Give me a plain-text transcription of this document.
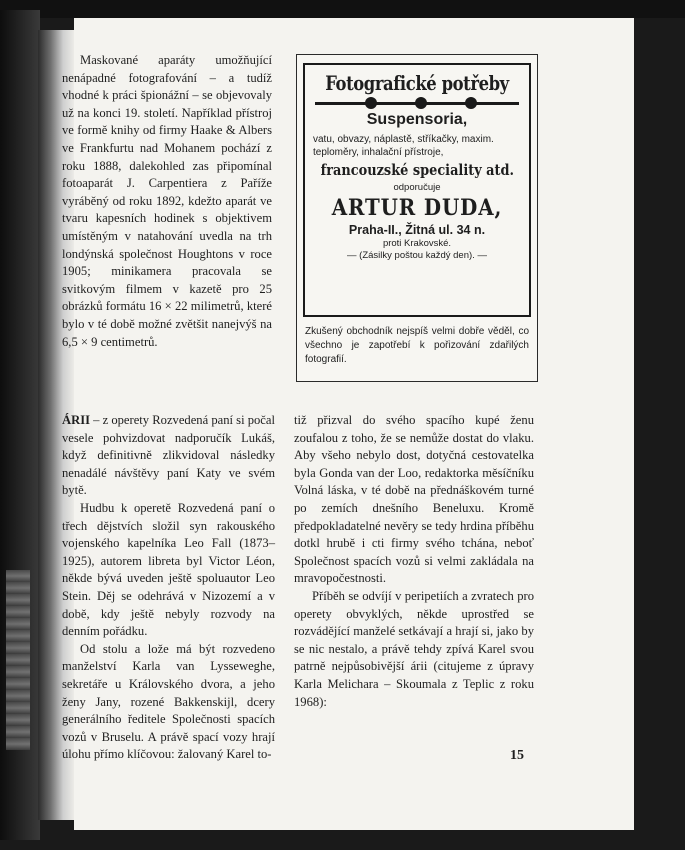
Maskované aparáty umožňující nenápadné fotografování – a tudíž vhodné k práci špionážní – se objevovaly už na konci 19. století. Například přístroj ve formě knihy od firmy Haake & Albers ve Frankfurtu nad Mohanem pochází z roku 1888, dalekohled zas připomínal fotoaparát J. Carpentiera z Paříže vyráběný od roku 1892, kdežto aparát ve tvaru kapesních hodinek s objektivem umístěným v natahování uvedla na trh londýnská společnost Houghtons v roce 1905; minikamera pracovala se svitkovým filmem v kazetě pro 25 obrázků formátu 16 × 22 milimetrů, které bylo v té době možné zvětšit nanejvýš na 6,5 × 9 centimetrů.

Fotografické potřeby
Suspensoria,
vatu, obvazy, náplastě, stříkačky, maxim. teploměry, inhalační přístroje,
francouzské speciality atd.
odporučuje
ARTUR DUDA,
Praha-II., Žitná ul. 34 n.
proti Krakovské.
— (Zásilky poštou každý den). —
Zkušený obchodník nejspíš velmi dobře věděl, co všechno je zapotřebí k pořizování zdařilých fotografií.

ÁRII – z operety Rozvedená paní si počal vesele pohvizdovat nadporučík Lukáš, když definitivně zlikvidoval následky nenadálé návštěvy paní Katy ve svém bytě.

Hudbu k operetě Rozvedená paní o třech dějstvích složil syn rakouského vojenského kapelníka Leo Fall (1873–1925), autorem libreta byl Victor Léon, někde bývá uveden ještě spoluautor Leo Stein. Děj se odehrává v Nizozemí a v době, kdy ještě nebyly rozvody na denním pořádku.

Od stolu a lože má být rozvedeno manželství Karla van Lysseweghe, sekretáře u Královského dvora, a jeho ženy Jany, rozené Bakkenskijl, dcery generálního ředitele Společnosti spacích vozů v Bruselu. A právě spací vozy hrají úlohu přímo klíčovou: žalovaný Karel to-

tiž přizval do svého spacího kupé ženu zoufalou z toho, že se nemůže dostat do vlaku. Aby všeho nebylo dost, dotyčná cestovatelka byla Gonda van der Loo, redaktorka měsíčníku Volná láska, v té době na přednáškovém turné po zemích dnešního Beneluxu. Kromě předpokladatelné nevěry se tedy hrdina příběhu dotkl hrubě i cti firmy svého tchána, neboť Společnost spacích vozů si velmi zakládala na mravopočestnosti.

Příběh se odvíjí v peripetiích a zvratech pro operety obvyklých, někde uprostřed se rozvádějící manželé setkávají a hrají si, jako by se nic nestalo, a právě tehdy zpívá Karel svou patrně nejpůsobivější árii (citujeme z úpravy Karla Melichara – Skoumala z Teplic z roku 1968):

15
